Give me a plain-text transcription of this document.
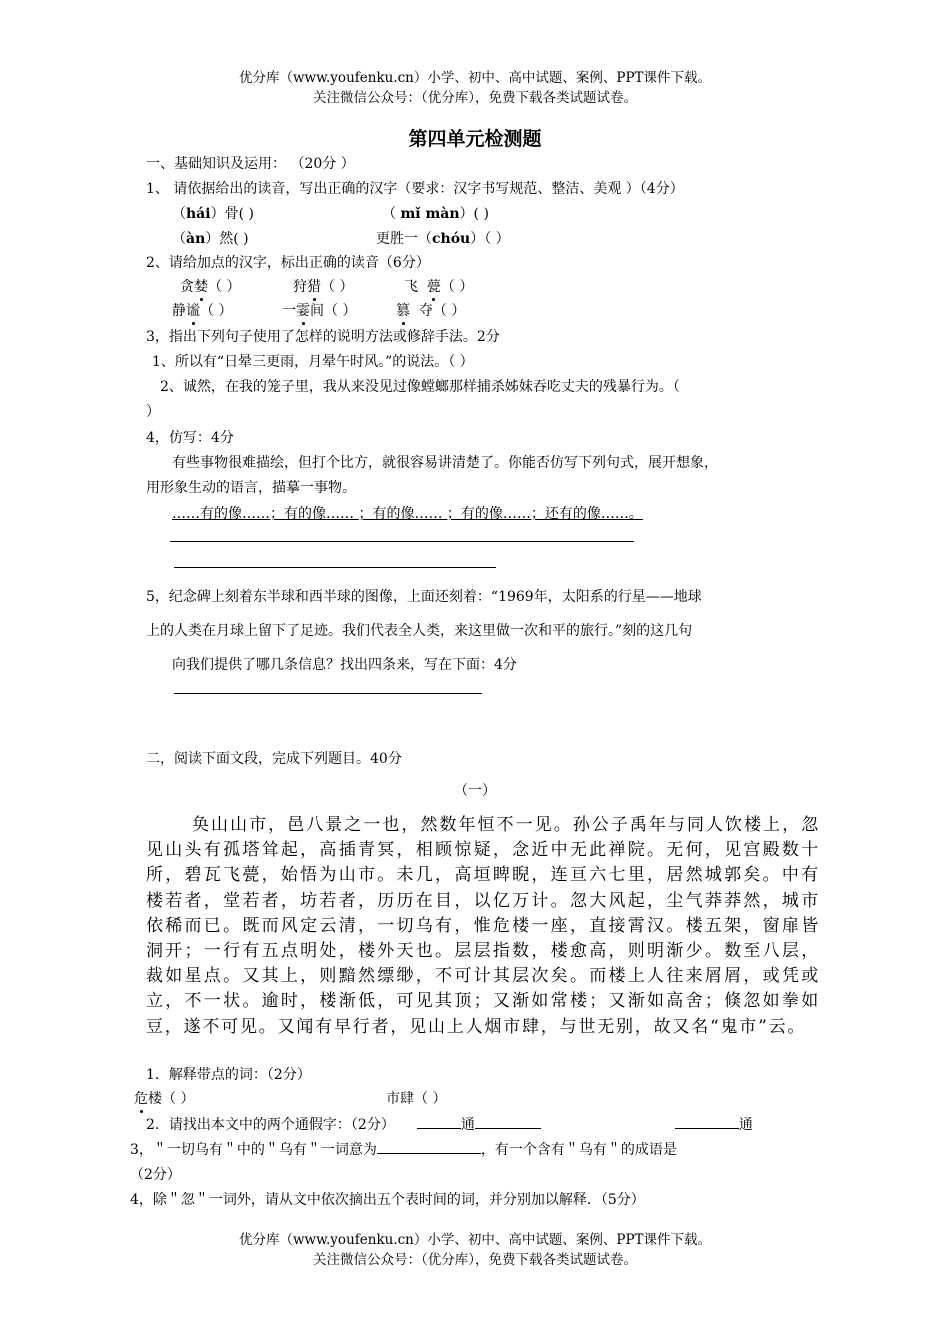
优分库（www.youfenku.cn）小学、初中、高中试题、案例、PPT课件下载。
关注微信公众号：（优分库），免费下载各类试题试卷。
第四单元检测题
一、基础知识及运用： （20分 ）
1、 请依据给出的读音，写出正确的汉字（要求：汉字书写规范、整洁、美观 ）（4分）
（hái）骨( )	（ mǐ màn）( )
（àn）然( )	更胜一（chóu）（ ）
2、请给加点的汉字，标出正确的读音（6分）
贪婪（ ）	狩猎（ ）	飞  甍（ ）
静谧（ ）	一霎间（ ）	篡  夺（ ）
3，指出下列句子使用了怎样的说明方法或修辞手法。2分
1、所以有“日晕三更雨，月晕午时风。”的说法。（ ）
2、诚然，在我的笼子里，我从来没见过像螳螂那样捕杀姊妹吞吃丈夫的残暴行为。（
）
4，仿写：4分
有些事物很难描绘，但打个比方，就很容易讲清楚了。你能否仿写下列句式，展开想象，
用形象生动的语言，描摹一事物。
……有的像……；有的像…… ；有的像…… ；有的像……；还有的像……。
5，纪念碑上刻着东半球和西半球的图像，上面还刻着：“1969年，太阳系的行星——地球
上的人类在月球上留下了足迹。我们代表全人类，来这里做一次和平的旅行。”刻的这几句
向我们提供了哪几条信息？找出四条来，写在下面：4分
二，阅读下面文段，完成下列题目。40分
（一）
奂山山市，邑八景之一也，然数年恒不一见。孙公子禹年与同人饮楼上，忽见山头有孤塔耸起，高插青冥，相顾惊疑，念近中无此禅院。无何，见宫殿数十所，碧瓦飞甍，始悟为山市。未几，高垣睥睨，连亘六七里，居然城郭矣。中有楼若者，堂若者，坊若者，历历在目，以亿万计。忽大风起，尘气莽莽然，城市依稀而已。既而风定云清，一切乌有，惟危楼一座，直接霄汉。楼五架，窗扉皆洞开；一行有五点明处，楼外天也。层层指数，楼愈高，则明渐少。数至八层，裁如星点。又其上，则黯然缥缈，不可计其层次矣。而楼上人往来屑屑，或凭或立，不一状。逾时，楼渐低，可见其顶；又渐如常楼；又渐如高舍；倏忽如拳如豆，遂不可见。又闻有早行者，见山上人烟市肆，与世无别，故又名“鬼市”云。
1．解释带点的词：（2分）
危楼（ ）	市肆（ ）
2．请找出本文中的两个通假字：（2分）	通	通
3，＂一切乌有＂中的＂乌有＂一词意为	，有一个含有＂乌有＂的成语是
（2分）
4，除＂忽＂一词外，请从文中依次摘出五个表时间的词，并分别加以解释．（5分）
优分库（www.youfenku.cn）小学、初中、高中试题、案例、PPT课件下载。
关注微信公众号：（优分库），免费下载各类试题试卷。
